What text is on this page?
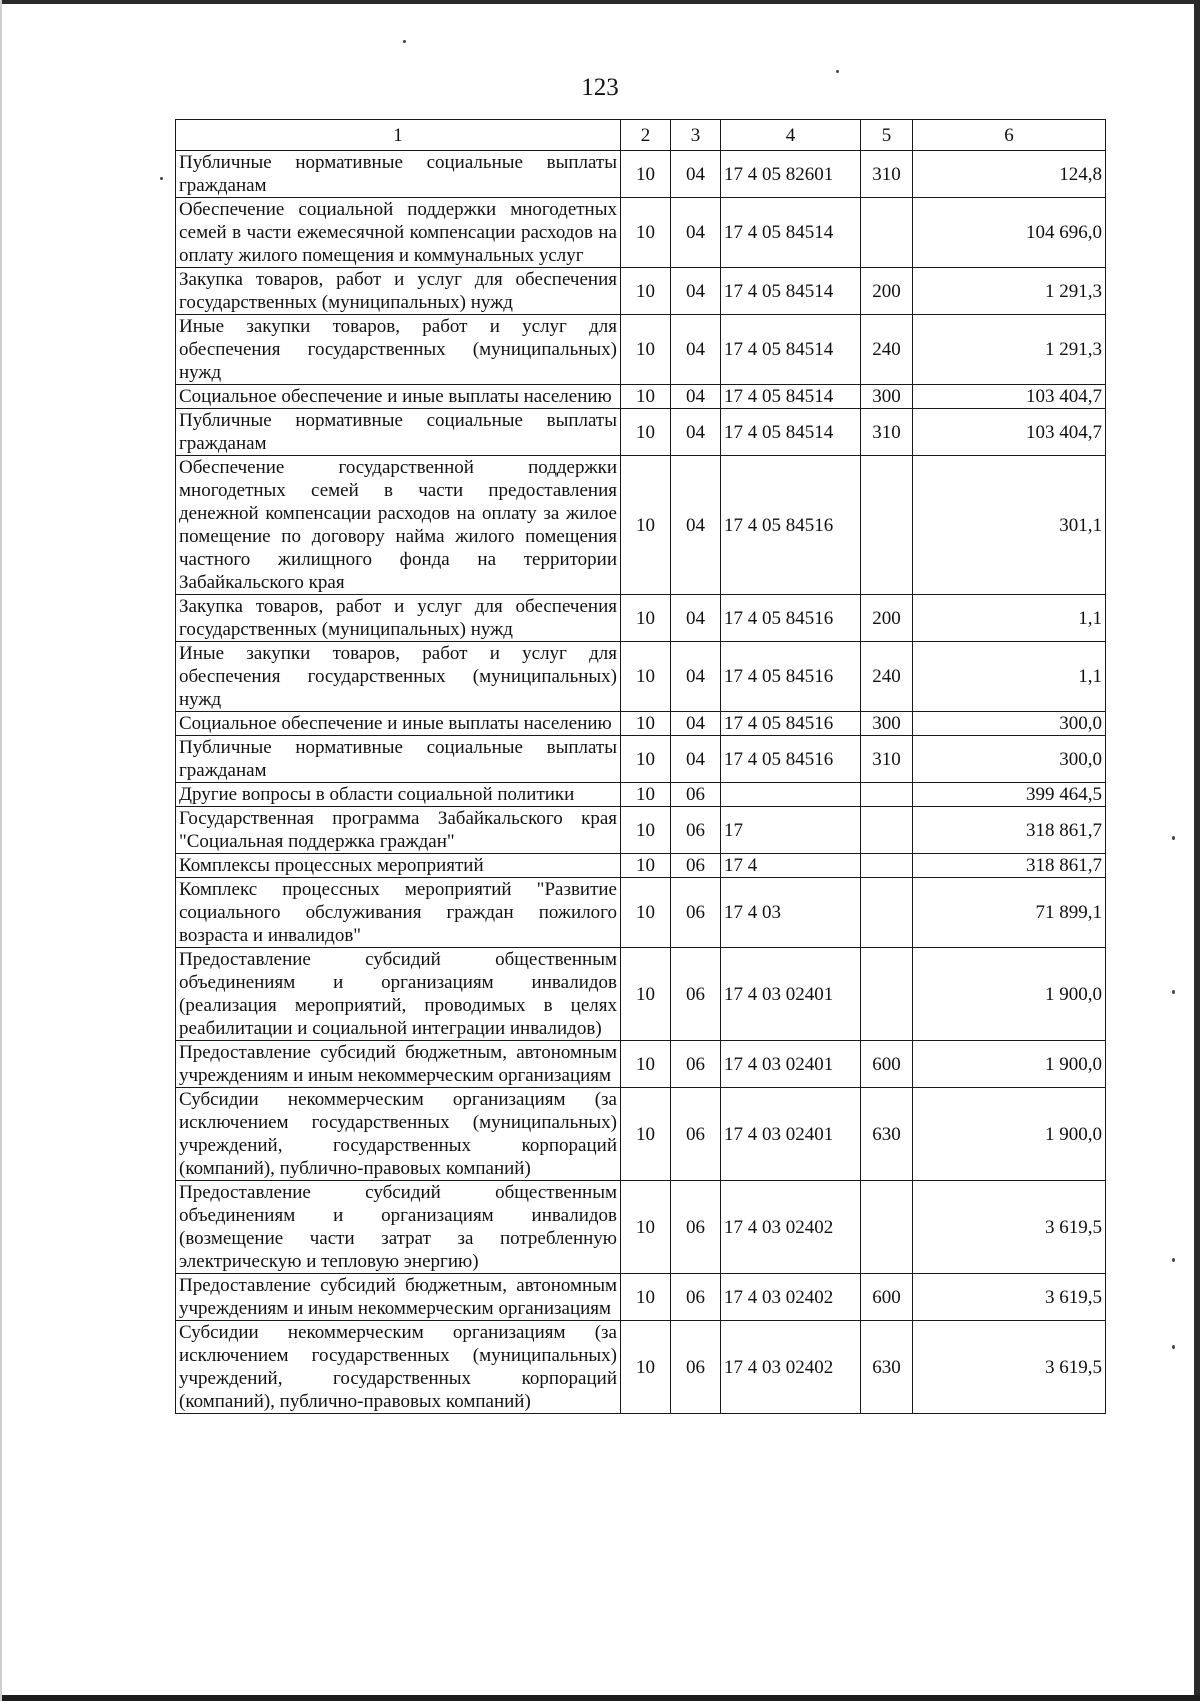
123
1	2	3	4	5	6
Публичные нормативные социальные выплаты гражданам	10	04	17 4 05 82601	310	124,8
Обеспечение социальной поддержки многодетных семей в части ежемесячной компенсации расходов на оплату жилого помещения и коммунальных услуг	10	04	17 4 05 84514		104 696,0
Закупка товаров, работ и услуг для обеспечения государственных (муниципальных) нужд	10	04	17 4 05 84514	200	1 291,3
Иные закупки товаров, работ и услуг для обеспечения государственных (муниципальных) нужд	10	04	17 4 05 84514	240	1 291,3
Социальное обеспечение и иные выплаты населению	10	04	17 4 05 84514	300	103 404,7
Публичные нормативные социальные выплаты гражданам	10	04	17 4 05 84514	310	103 404,7
Обеспечение государственной поддержки многодетных семей в части предоставления денежной компенсации расходов на оплату за жилое помещение по договору найма жилого помещения частного жилищного фонда на территории Забайкальского края	10	04	17 4 05 84516		301,1
Закупка товаров, работ и услуг для обеспечения государственных (муниципальных) нужд	10	04	17 4 05 84516	200	1,1
Иные закупки товаров, работ и услуг для обеспечения государственных (муниципальных) нужд	10	04	17 4 05 84516	240	1,1
Социальное обеспечение и иные выплаты населению	10	04	17 4 05 84516	300	300,0
Публичные нормативные социальные выплаты гражданам	10	04	17 4 05 84516	310	300,0
Другие вопросы в области социальной политики	10	06			399 464,5
Государственная программа Забайкальского края "Социальная поддержка граждан"	10	06	17		318 861,7
Комплексы процессных мероприятий	10	06	17 4		318 861,7
Комплекс процессных мероприятий "Развитие социального обслуживания граждан пожилого возраста и инвалидов"	10	06	17 4 03		71 899,1
Предоставление субсидий общественным объединениям и организациям инвалидов (реализация мероприятий, проводимых в целях реабилитации и социальной интеграции инвалидов)	10	06	17 4 03 02401		1 900,0
Предоставление субсидий бюджетным, автономным учреждениям и иным некоммерческим организациям	10	06	17 4 03 02401	600	1 900,0
Субсидии некоммерческим организациям (за исключением государственных (муниципальных) учреждений, государственных корпораций (компаний), публично-правовых компаний)	10	06	17 4 03 02401	630	1 900,0
Предоставление субсидий общественным объединениям и организациям инвалидов (возмещение части затрат за потребленную электрическую и тепловую энергию)	10	06	17 4 03 02402		3 619,5
Предоставление субсидий бюджетным, автономным учреждениям и иным некоммерческим организациям	10	06	17 4 03 02402	600	3 619,5
Субсидии некоммерческим организациям (за исключением государственных (муниципальных) учреждений, государственных корпораций (компаний), публично-правовых компаний)	10	06	17 4 03 02402	630	3 619,5
